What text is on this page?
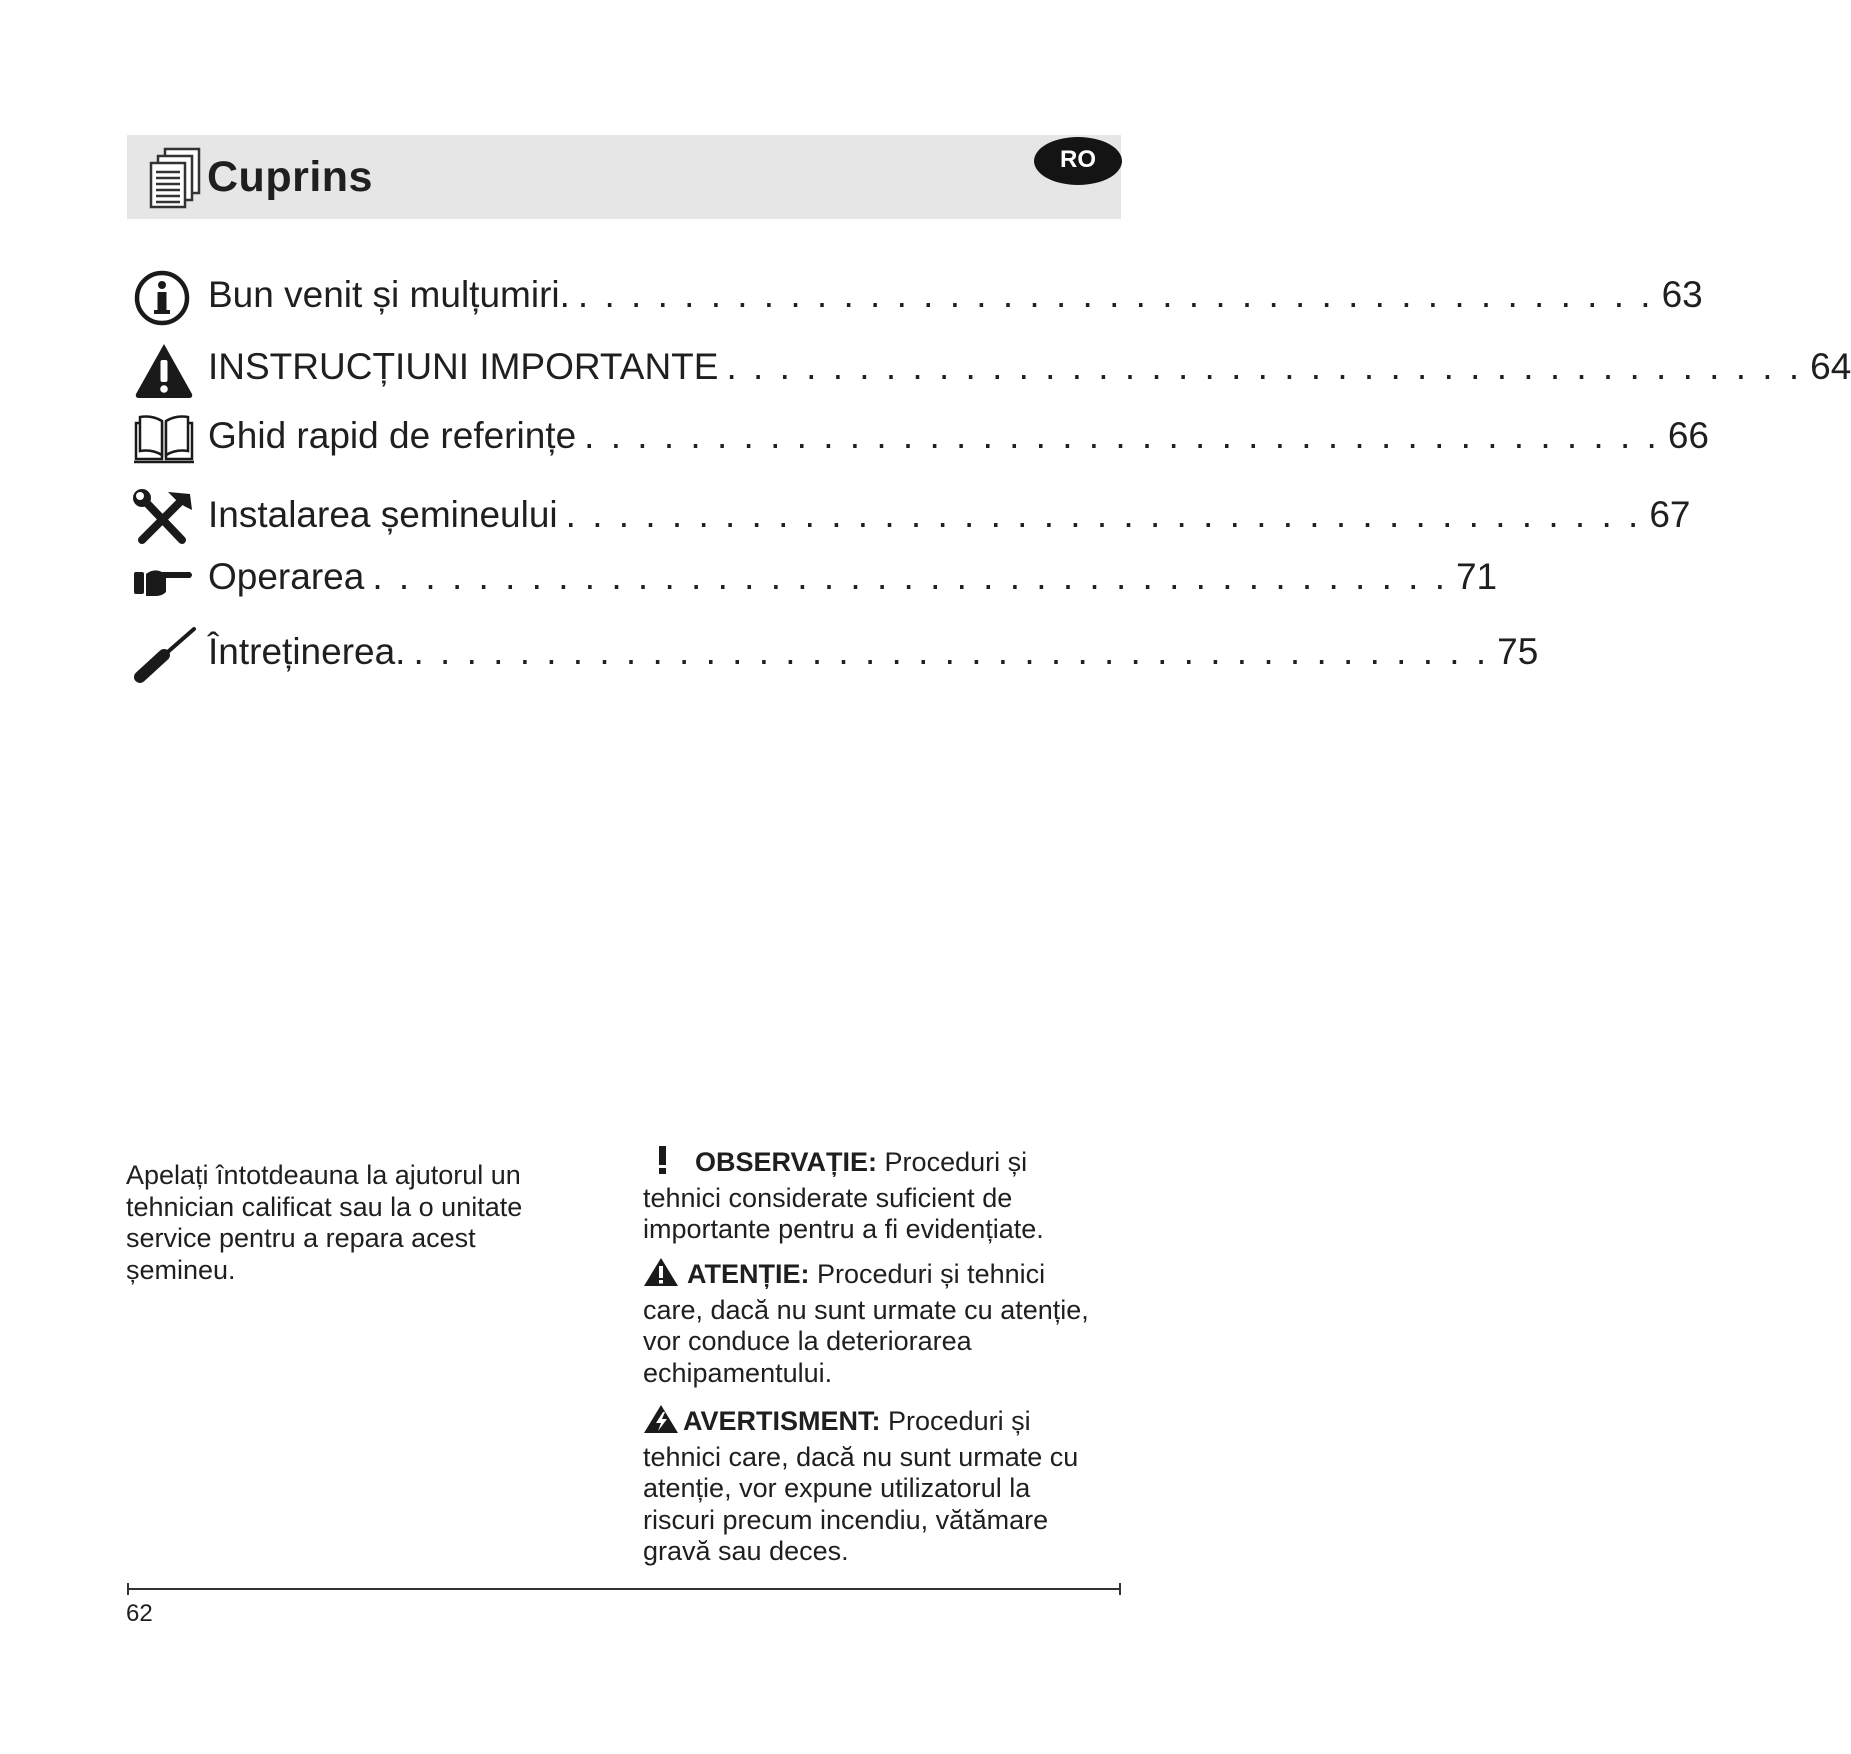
Cuprins	RO
Bun venit și mulțumiri. . . . . . . . . . . . . . . . . . . . . . . . . . . . . . . . . . . . . . . . . . 63
INSTRUCȚIUNI IMPORTANTE . . . . . . . . . . . . . . . . . . . . . . . . . . . . . . . . . . . . . . . . . 64
Ghid rapid de referințe . . . . . . . . . . . . . . . . . . . . . . . . . . . . . . . . . . . . . . . . . 66
Instalarea șemineului . . . . . . . . . . . . . . . . . . . . . . . . . . . . . . . . . . . . . . . . . 67
Operarea . . . . . . . . . . . . . . . . . . . . . . . . . . . . . . . . . . . . . . . . . 71
Întreținerea. . . . . . . . . . . . . . . . . . . . . . . . . . . . . . . . . . . . . . . . . . 75
Apelați întotdeauna la ajutorul un tehnician calificat sau la o unitate service pentru a repara acest șemineu.
OBSERVAȚIE: Proceduri și tehnici considerate suficient de importante pentru a fi evidențiate.
ATENȚIE: Proceduri și tehnici care, dacă nu sunt urmate cu atenție, vor conduce la deteriorarea echipamentului.
AVERTISMENT: Proceduri și tehnici care, dacă nu sunt urmate cu atenție, vor expune utilizatorul la riscuri precum incendiu, vătămare gravă sau deces.
62
